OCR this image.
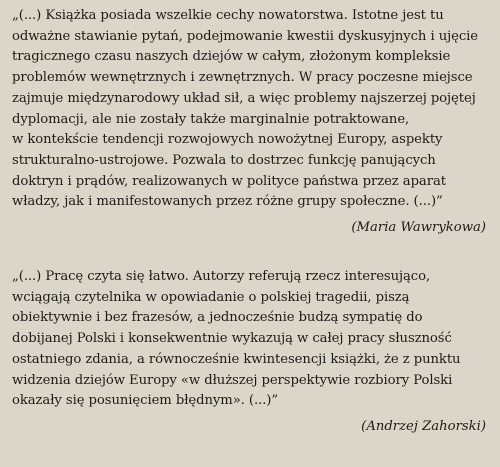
„(...) Książka posiada wszelkie cechy nowatorstwa. Istotne jest tu
odważne stawianie pytań, podejmowanie kwestii dyskusyjnych i ujęcie
tragicznego czasu naszych dziejów w całym, złożonym kompleksie
problemów wewnętrznych i zewnętrznych. W pracy poczesne miejsce
zajmuje międzynarodowy układ sił, a więc problemy najszerzej pojętej
dyplomacji, ale nie zostały także marginalnie potraktowane,
w kontekście tendencji rozwojowych nowożytnej Europy, aspekty
strukturalno-ustrojowe. Pozwala to dostrzec funkcję panujących
doktryn i prądów, realizowanych w polityce państwa przez aparat
władzy, jak i manifestowanych przez różne grupy społeczne. (...)”
(Maria Wawrykowa)
„(...) Pracę czyta się łatwo. Autorzy referują rzecz interesująco,
wciągają czytelnika w opowiadanie o polskiej tragedii, piszą
obiektywnie i bez frazesów, a jednocześnie budzą sympatię do
dobijanej Polski i konsekwentnie wykazują w całej pracy słuszność
ostatniego zdania, a równocześnie kwintesencji książki, że z punktu
widzenia dziejów Europy «w dłuższej perspektywie rozbiory Polski
okazały się posunięciem błędnym». (...)”
(Andrzej Zahorski)
